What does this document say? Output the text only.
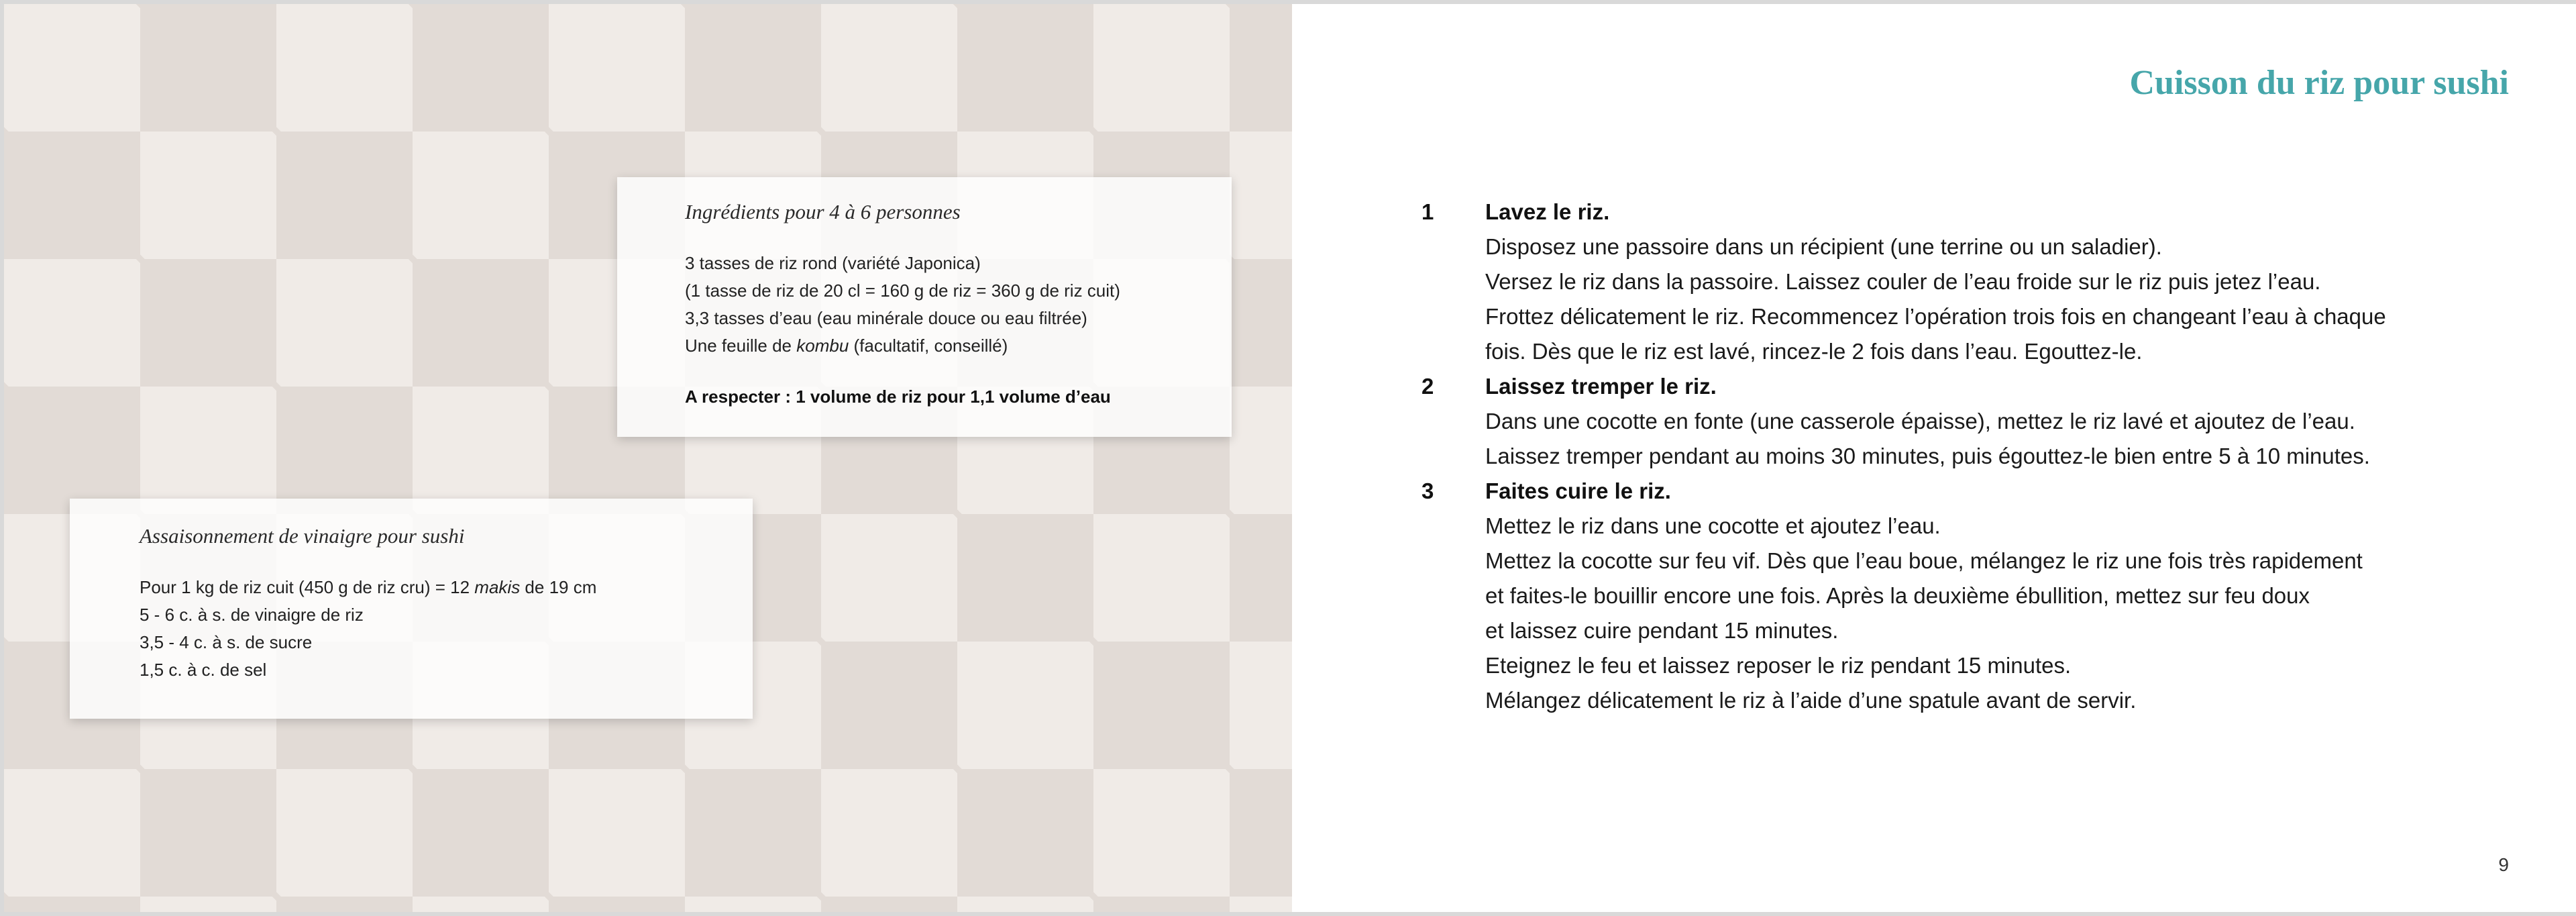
Ingrédients pour 4 à 6 personnes

3 tasses de riz rond (variété Japonica)
(1 tasse de riz de 20 cl = 160 g de riz = 360 g de riz cuit)
3,3 tasses d’eau (eau minérale douce ou eau filtrée)
Une feuille de kombu (facultatif, conseillé)
A respecter : 1 volume de riz pour 1,1 volume d’eau

Assaisonnement de vinaigre pour sushi

Pour 1 kg de riz cuit (450 g de riz cru) = 12 makis de 19 cm
5 - 6 c. à s. de vinaigre de riz
3,5 - 4 c. à s. de sucre
1,5 c. à c. de sel
Cuisson du riz pour sushi
1 Lavez le riz.
Disposez une passoire dans un récipient (une terrine ou un saladier).
Versez le riz dans la passoire. Laissez couler de l’eau froide sur le riz puis jetez l’eau.
Frottez délicatement le riz. Recommencez l’opération trois fois en changeant l’eau à chaque
fois. Dès que le riz est lavé, rincez-le 2 fois dans l’eau. Egouttez-le.
2 Laissez tremper le riz.
Dans une cocotte en fonte (une casserole épaisse), mettez le riz lavé et ajoutez de l’eau.
Laissez tremper pendant au moins 30 minutes, puis égouttez-le bien entre 5 à 10 minutes.
3 Faites cuire le riz.
Mettez le riz dans une cocotte et ajoutez l’eau.
Mettez la cocotte sur feu vif. Dès que l’eau boue, mélangez le riz une fois très rapidement
et faites-le bouillir encore une fois. Après la deuxième ébullition, mettez sur feu doux
et laissez cuire pendant 15 minutes.
Eteignez le feu et laissez reposer le riz pendant 15 minutes.
Mélangez délicatement le riz à l’aide d’une spatule avant de servir.
9
